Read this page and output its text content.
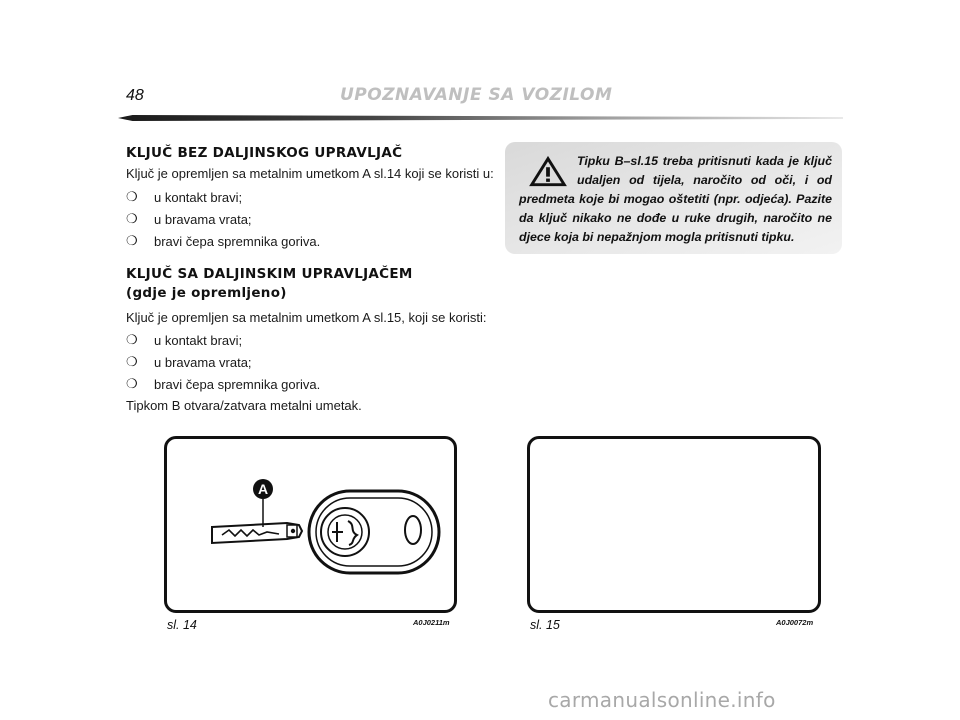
48	UPOZNAVANJE SA VOZILOM
KLJUČ BEZ DALJINSKOG UPRAVLJAČ
Ključ je opremljen sa metalnim umetkom A sl.14 koji se koristi u:
❍	u kontakt bravi;
❍	u bravama vrata;
❍	bravi čepa spremnika goriva.
KLJUČ SA DALJINSKIM UPRAVLJAČEM
(gdje je opremljeno)
Ključ je opremljen sa metalnim umetkom A sl.15, koji se koristi:
❍	u kontakt bravi;
❍	u bravama vrata;
❍	bravi čepa spremnika goriva.
Tipkom B otvara/zatvara metalni umetak.
Tipku B–sl.15 treba pritisnuti kada je ključ udaljen od tijela, naročito od oči, i od predmeta koje bi mogao oštetiti (npr. odjeća). Pazite da ključ nikako ne dođe u ruke drugih, naročito ne djece koja bi nepažnjom mogla pritisnuti tipku.
A
sl. 14	A0J0211m	sl. 15	A0J0072m
carmanualsonline.info
